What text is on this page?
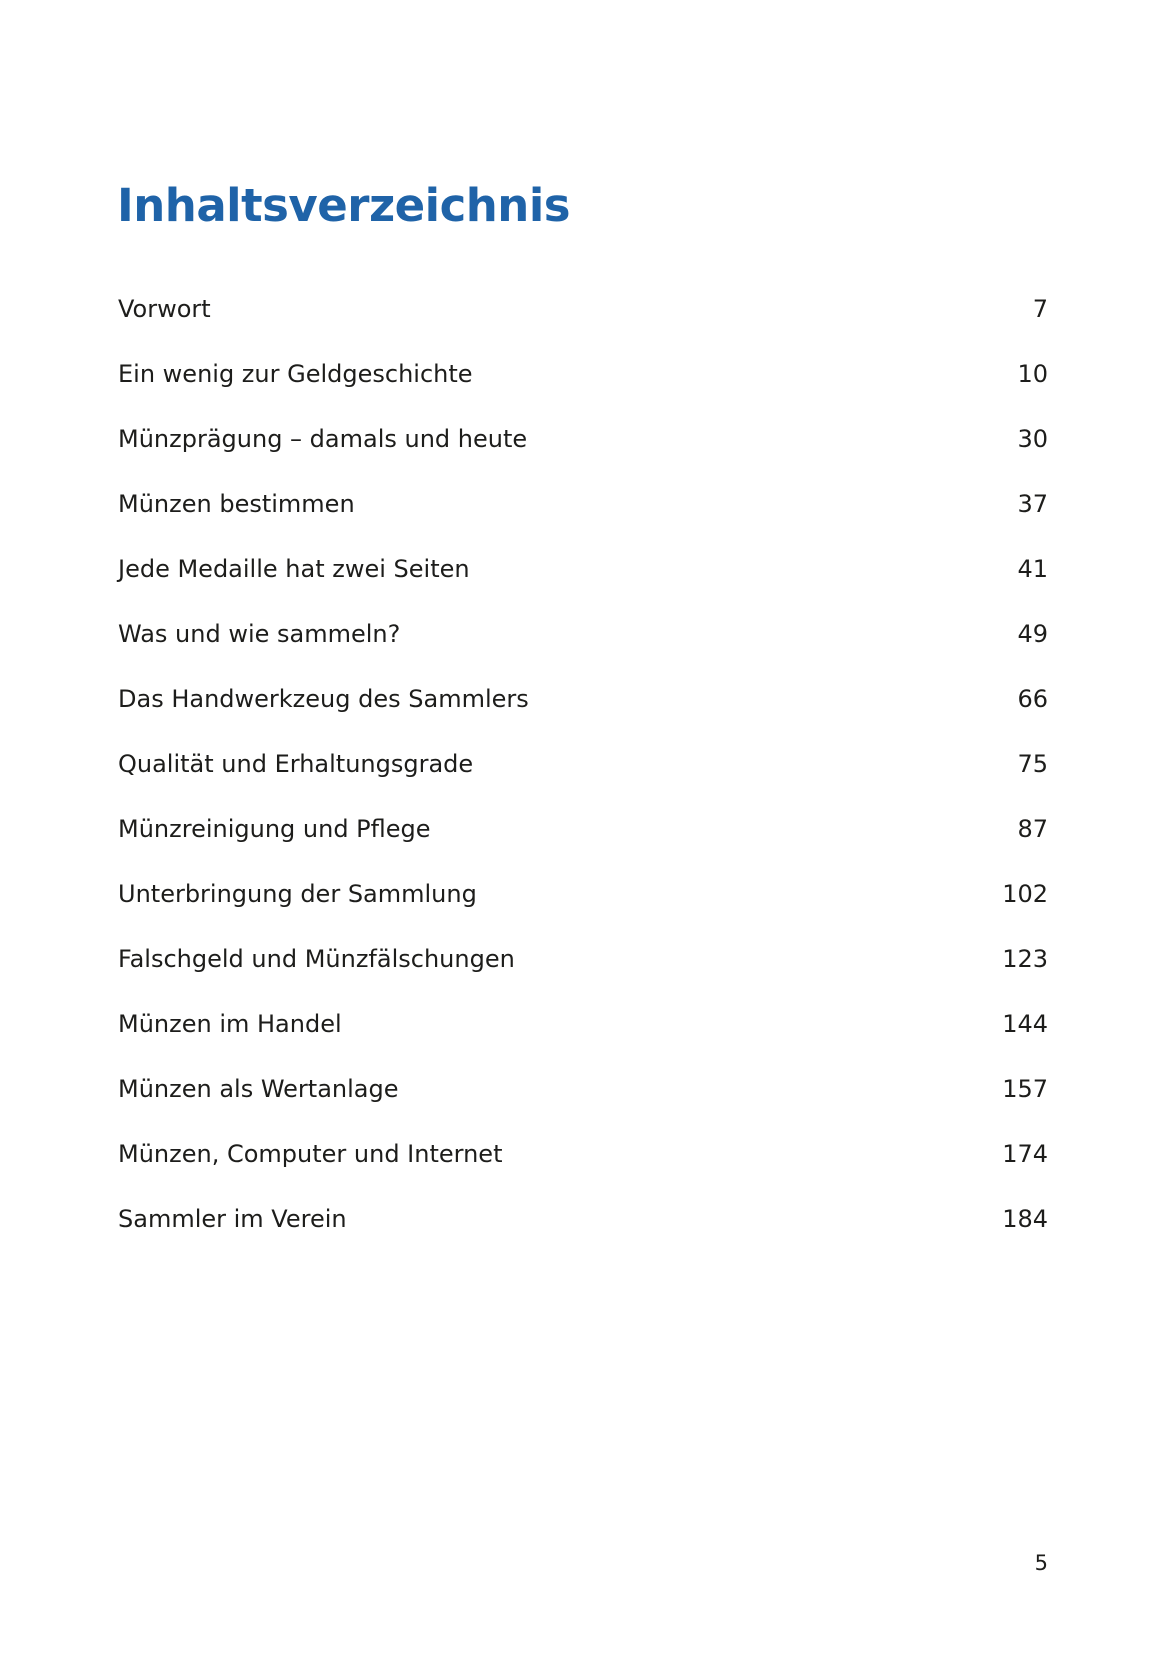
Inhaltsverzeichnis
Vorwort	7
Ein wenig zur Geldgeschichte	10
Münzprägung – damals und heute	30
Münzen bestimmen	37
Jede Medaille hat zwei Seiten	41
Was und wie sammeln?	49
Das Handwerkzeug des Sammlers	66
Qualität und Erhaltungsgrade	75
Münzreinigung und Pflege	87
Unterbringung der Sammlung	102
Falschgeld und Münzfälschungen	123
Münzen im Handel	144
Münzen als Wertanlage	157
Münzen, Computer und Internet	174
Sammler im Verein	184
5
